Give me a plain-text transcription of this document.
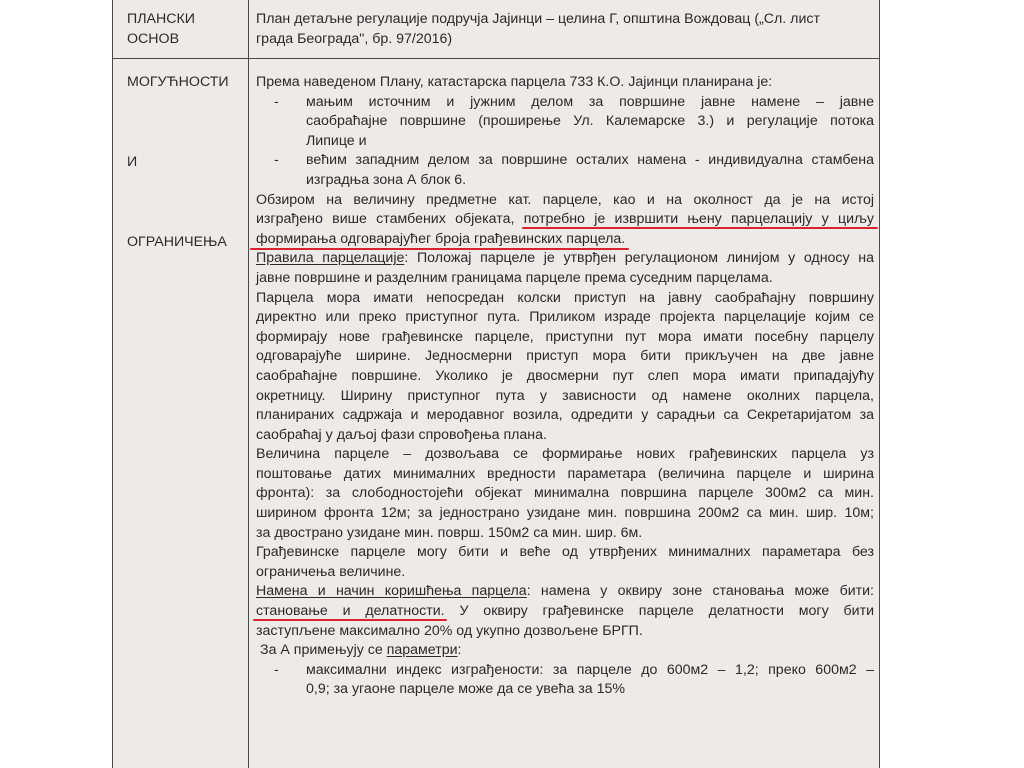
ПЛАНСКИ
ОСНОВ
План детаљне регулације подручја Јајинци – целина Г, општина Вождовац („Сл. лист
града Београда", бр. 97/2016)
МОГУЋНОСТИ
И
ОГРАНИЧЕЊА
Према наведеном Плану, катастарска парцела 733 К.О. Јајинци планирана је:
- мањим источним и јужним делом за површине јавне намене – јавне
саобраћајне површине (проширење Ул. Калемарске 3.) и регулације потока
Липице и
- већим западним делом за површине осталих намена - индивидуална стамбена
изградња зона А блок 6.
Обзиром на величину предметне кат. парцеле, као и на околност да је на истој
изграђено више стамбених објеката, потребно је извршити њену парцелацију у циљу
формирања одговарајућег броја грађевинских парцела.
Правила парцелације: Положај парцеле је утврђен регулационом линијом у односу на
јавне површине и разделним границама парцеле према суседним парцелама.
Парцела мора имати непосредан колски приступ на јавну саобраћајну површину
директно или преко приступног пута. Приликом израде пројекта парцелације којим се
формирају нове грађевинске парцеле, приступни пут мора имати посебну парцелу
одговарајуће ширине. Једносмерни приступ мора бити прикључен на две јавне
саобраћајне површине. Уколико је двосмерни пут слеп мора имати припадајућу
окретницу. Ширину приступног пута у зависности од намене околних парцела,
планираних садржаја и меродавног возила, одредити у сарадњи са Секретаријатом за
саобраћај у даљој фази спровођења плана.
Величина парцеле – дозвољава се формирање нових грађевинских парцела уз
поштовање датих минималних вредности параметара (величина парцеле и ширина
фронта): за слободностојећи објекат минимална површина парцеле 300м2 са мин.
ширином фронта 12м; за једнострано узидане мин. површина 200м2 са мин. шир. 10м;
за двострано узидане мин. површ. 150м2 са мин. шир. 6м.
Грађевинске парцеле могу бити и веће од утврђених минималних параметара без
ограничења величине.
Намена и начин коришћења парцела: намена у оквиру зоне становања може бити:
становање и делатности.
У оквиру грађевинске парцеле делатности могу бити
заступљене максимално 20% од укупно дозвољене БРГП.
За А примењују се параметри:
- максимални индекс изграђености: за парцеле до 600м2 – 1,2; преко 600м2 –
0,9; за угаоне парцеле може да се увећа за 15%
